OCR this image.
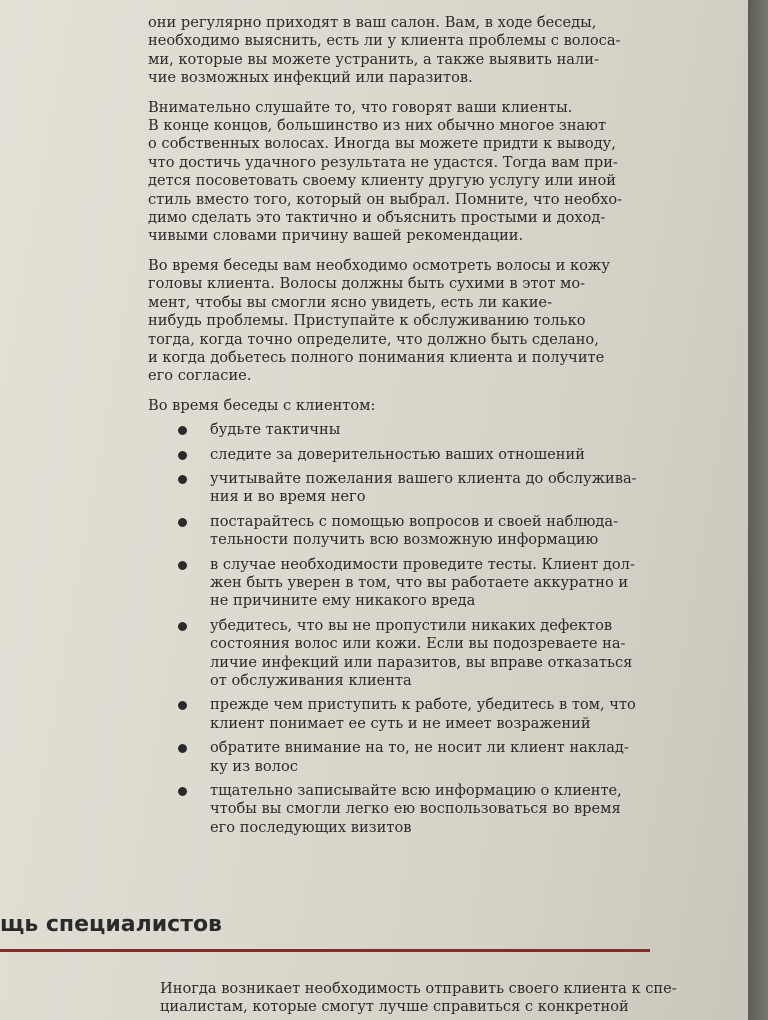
они регулярно приходят в ваш салон. Вам, в ходе беседы,
необходимо выяснить, есть ли у клиента проблемы с волоса-
ми, которые вы можете устранить, а также выявить нали-
чие возможных инфекций или паразитов.

Внимательно слушайте то, что говорят ваши клиенты.
В конце концов, большинство из них обычно многое знают
о собственных волосах. Иногда вы можете придти к выводу,
что достичь удачного результата не удастся. Тогда вам при-
дется посоветовать своему клиенту другую услугу или иной
стиль вместо того, который он выбрал. Помните, что необхо-
димо сделать это тактично и объяснить простыми и доход-
чивыми словами причину вашей рекомендации.

Во время беседы вам необходимо осмотреть волосы и кожу
головы клиента. Волосы должны быть сухими в этот мо-
мент, чтобы вы смогли ясно увидеть, есть ли какие-
нибудь проблемы. Приступайте к обслуживанию только
тогда, когда точно определите, что должно быть сделано,
и когда добьетесь полного понимания клиента и получите
его согласие.

Во время беседы с клиентом:
будьте тактичны
следите за доверительностью ваших отношений
учитывайте пожелания вашего клиента до обслужива-
ния и во время него
постарайтесь с помощью вопросов и своей наблюда-
тельности получить всю возможную информацию
в случае необходимости проведите тесты. Клиент дол-
жен быть уверен в том, что вы работаете аккуратно и
не причините ему никакого вреда
убедитесь, что вы не пропустили никаких дефектов
состояния волос или кожи. Если вы подозреваете на-
личие инфекций или паразитов, вы вправе отказаться
от обслуживания клиента
прежде чем приступить к работе, убедитесь в том, что
клиент понимает ее суть и не имеет возражений
обратите внимание на то, не носит ли клиент наклад-
ку из волос
тщательно записывайте всю информацию о клиенте,
чтобы вы смогли легко ею воспользоваться во время
его последующих визитов
щь специалистов
Иногда возникает необходимость отправить своего клиента к спе-
циалистам, которые смогут лучше справиться с конкретной
